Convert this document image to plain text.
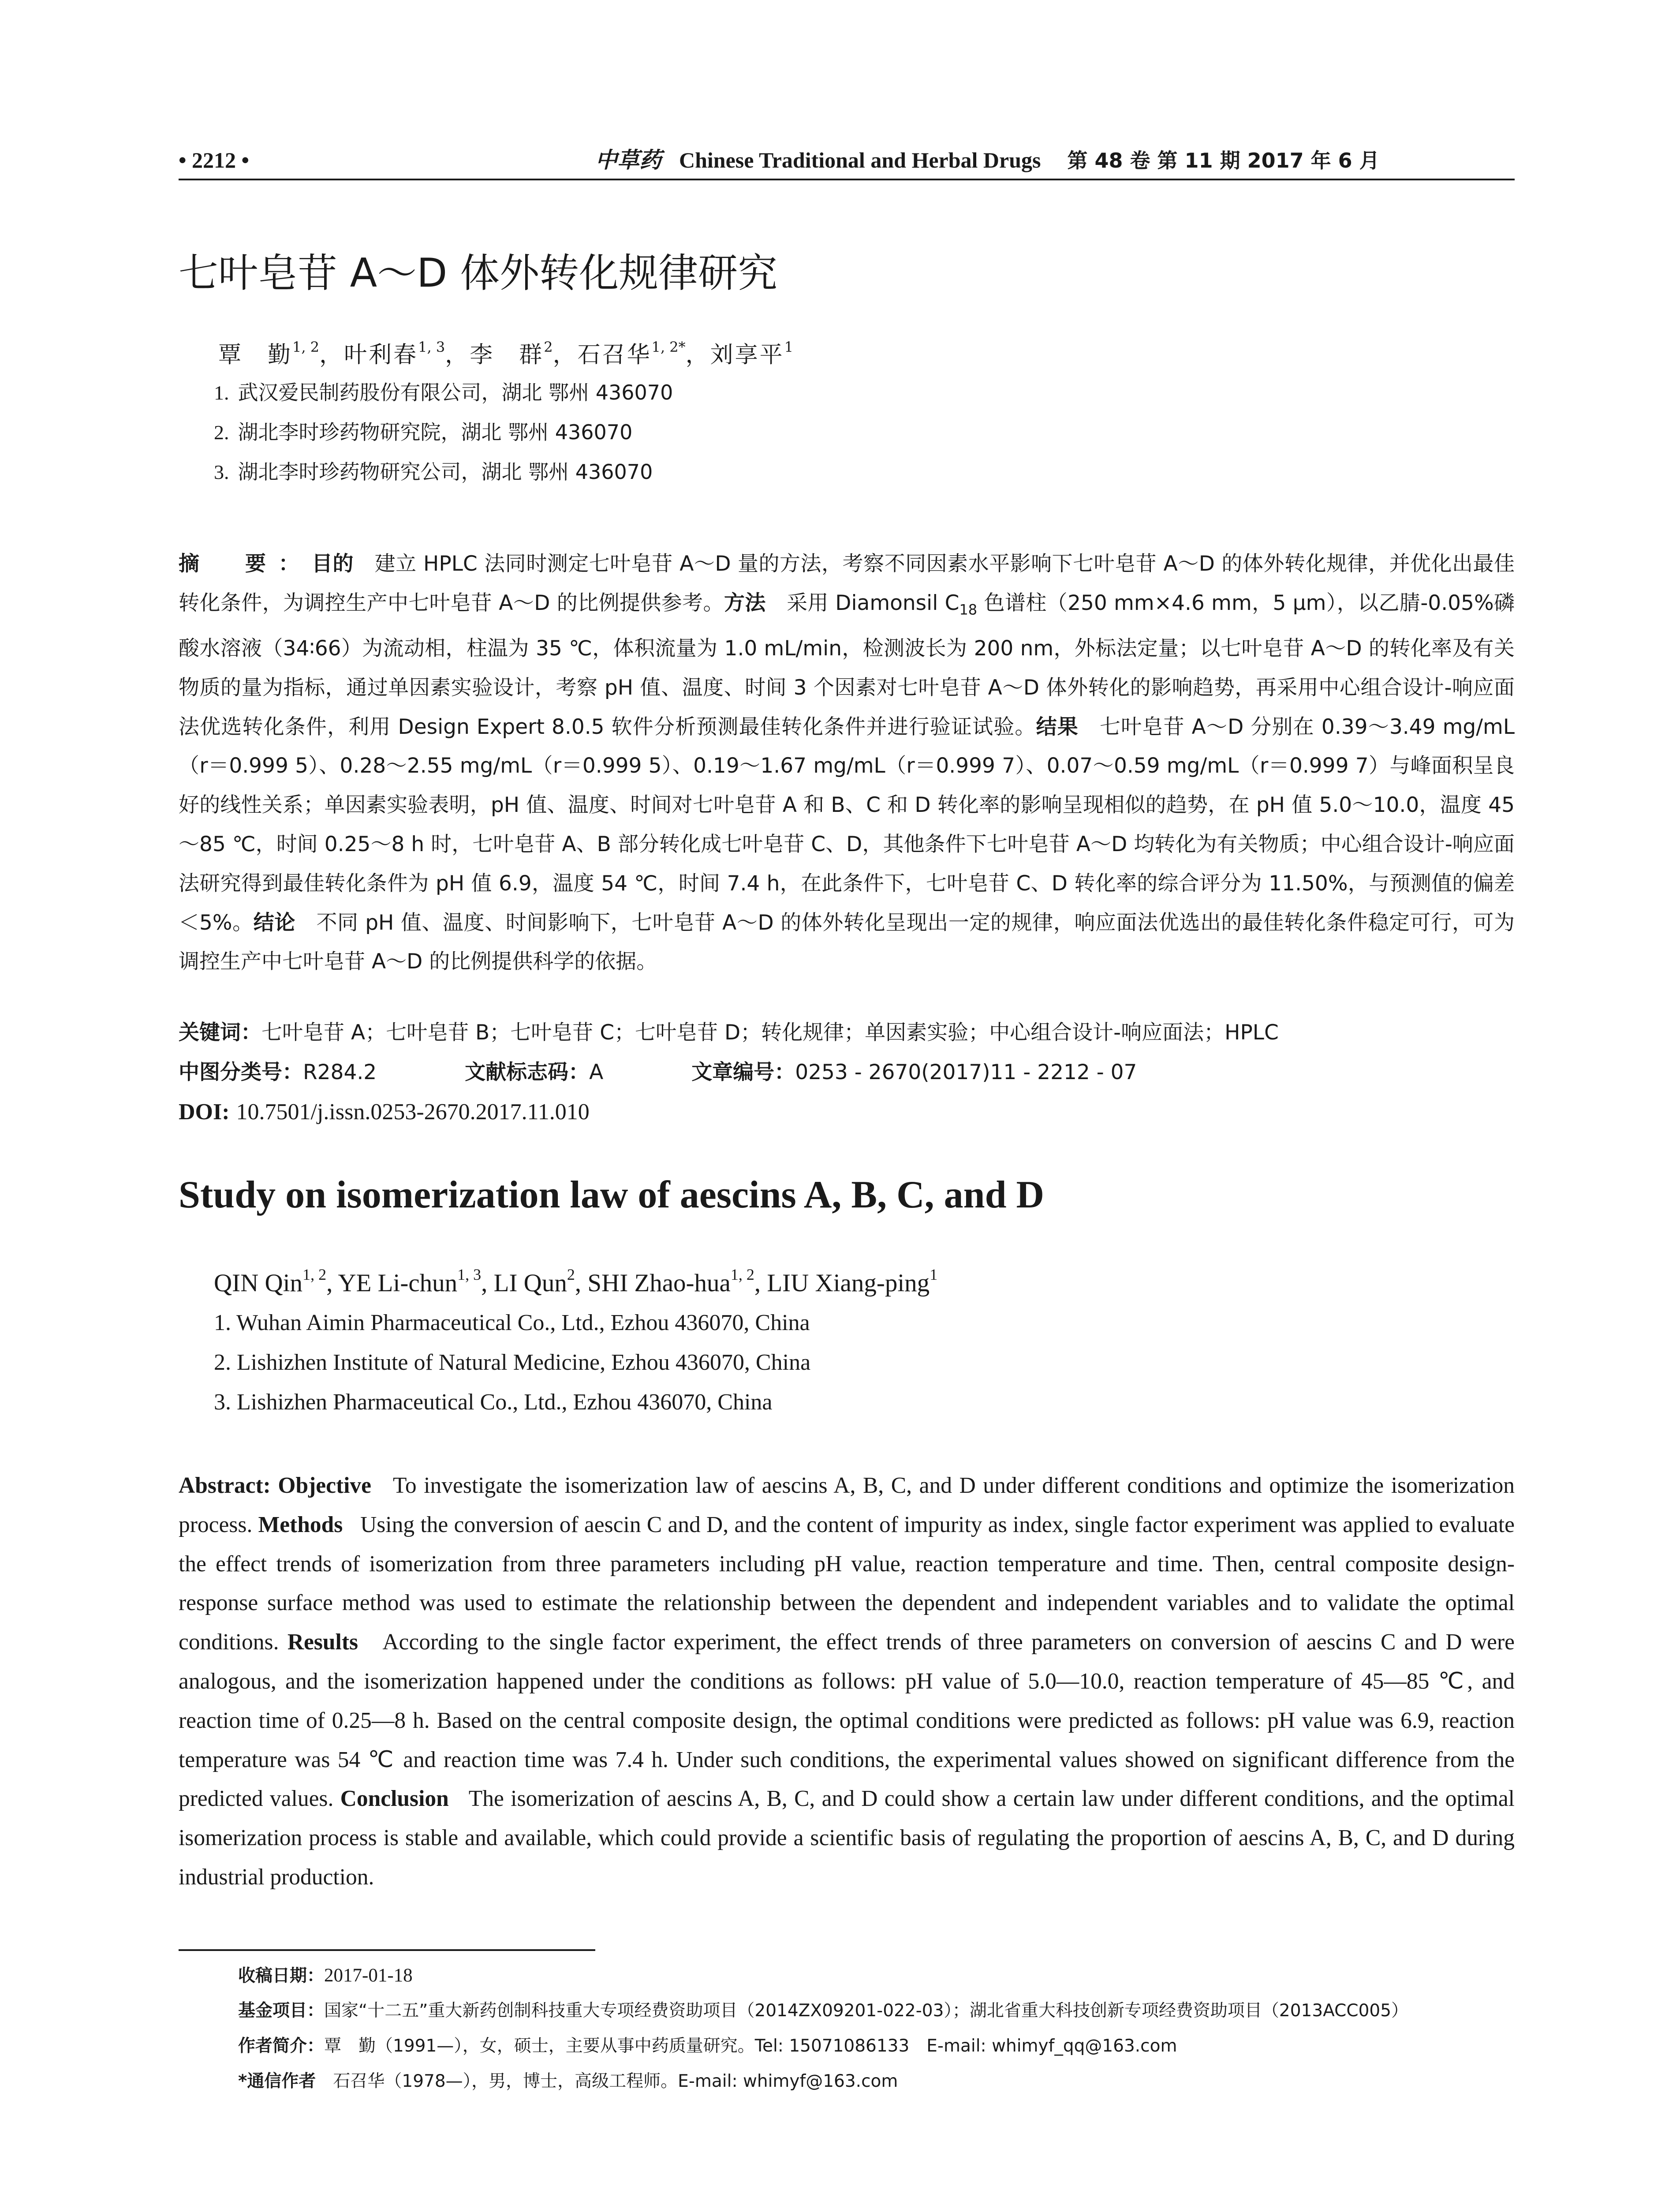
• 2212 •	中草药 Chinese Traditional and Herbal Drugs 第 48 卷 第 11 期 2017 年 6 月
七叶皂苷 A～D 体外转化规律研究
覃　勤$^{1, 2}$，叶利春$^{1, 3}$，李　群$^2$，石召华$^{1, 2*}$，刘享平$^1$
1. 武汉爱民制药股份有限公司，湖北 鄂州 436070
2. 湖北李时珍药物研究院，湖北 鄂州 436070
3. 湖北李时珍药物研究公司，湖北 鄂州 436070
摘　要：目的　 建立 HPLC 法同时测定七叶皂苷 A～D 量的方法，考察不同因素水平影响下七叶皂苷 A～D 的体外转化规律，并优化出最佳转化条件，为调控生产中七叶皂苷 A～D 的比例提供参考。方法　 采用 Diamonsil $C_{18}$ 色谱柱（250 mm×4.6 mm，5 μm），以乙腈-0.05%磷酸水溶液（34∶66）为流动相，柱温为 35 ℃，体积流量为 1.0 mL/min，检测波长为 200 nm，外标法定量；以七叶皂苷 A～D 的转化率及有关物质的量为指标，通过单因素实验设计，考察 pH 值、温度、时间 3 个因素对七叶皂苷 A～D 体外转化的影响趋势，再采用中心组合设计-响应面法优选转化条件，利用 Design Expert 8.0.5 软件分析预测最佳转化条件并进行验证试验。结果　 七叶皂苷 A～D 分别在 0.39～3.49 mg/mL（r＝0.999 5）、0.28～2.55 mg/mL（r＝0.999 5）、0.19～1.67 mg/mL（r＝0.999 7）、0.07～0.59 mg/mL（r＝0.999 7）与峰面积呈良好的线性关系；单因素实验表明，pH 值、温度、时间对七叶皂苷 A 和 B、C 和 D 转化率的影响呈现相似的趋势，在 pH 值 5.0～10.0，温度 45～85 ℃，时间 0.25～8 h 时，七叶皂苷 A、B 部分转化成七叶皂苷 C、D，其他条件下七叶皂苷 A～D 均转化为有关物质；中心组合设计-响应面法研究得到最佳转化条件为 pH 值 6.9，温度 54 ℃，时间 7.4 h，在此条件下，七叶皂苷 C、D 转化率的综合评分为 11.50%，与预测值的偏差＜5%。结论　 不同 pH 值、温度、时间影响下，七叶皂苷 A～D 的体外转化呈现出一定的规律，响应面法优选出的最佳转化条件稳定可行，可为调控生产中七叶皂苷 A～D 的比例提供科学的依据。
关键词：七叶皂苷 A；七叶皂苷 B；七叶皂苷 C；七叶皂苷 D；转化规律；单因素实验；中心组合设计-响应面法；HPLC
中图分类号：R284.2	文献标志码：A	文章编号：0253 - 2670(2017)11 - 2212 - 07
DOI: 10.7501/j.issn.0253-2670.2017.11.010
Study on isomerization law of aescins A, B, C, and D
QIN Qin$^{1, 2}$, YE Li-chun$^{1, 3}$, LI Qun$^2$, SHI Zhao-hua$^{1, 2}$, LIU Xiang-ping$^1$
1. Wuhan Aimin Pharmaceutical Co., Ltd., Ezhou 436070, China
2. Lishizhen Institute of Natural Medicine, Ezhou 436070, China
3. Lishizhen Pharmaceutical Co., Ltd., Ezhou 436070, China
Abstract: Objective To investigate the isomerization law of aescins A, B, C, and D under different conditions and optimize the isomerization process. Methods Using the conversion of aescin C and D, and the content of impurity as index, single factor experiment was applied to evaluate the effect trends of isomerization from three parameters including pH value, reaction temperature and time. Then, central composite design-response surface method was used to estimate the relationship between the dependent and independent variables and to validate the optimal conditions. Results According to the single factor experiment, the effect trends of three parameters on conversion of aescins C and D were analogous, and the isomerization happened under the conditions as follows: pH value of 5.0—10.0, reaction temperature of 45—85 ℃, and reaction time of 0.25—8 h. Based on the central composite design, the optimal conditions were predicted as follows: pH value was 6.9, reaction temperature was 54 ℃ and reaction time was 7.4 h. Under such conditions, the experimental values showed on significant difference from the predicted values. Conclusion The isomerization of aescins A, B, C, and D could show a certain law under different conditions, and the optimal isomerization process is stable and available, which could provide a scientific basis of regulating the proportion of aescins A, B, C, and D during industrial production.
收稿日期：2017-01-18
基金项目：国家“十二五”重大新药创制科技重大专项经费资助项目（2014ZX09201-022-03）；湖北省重大科技创新专项经费资助项目（2013ACC005）
作者简介：覃　勤（1991—），女，硕士，主要从事中药质量研究。Tel: 15071086133　E-mail: whimyf_qq@163.com
*通信作者　 石召华（1978—），男，博士，高级工程师。E-mail: whimyf@163.com
